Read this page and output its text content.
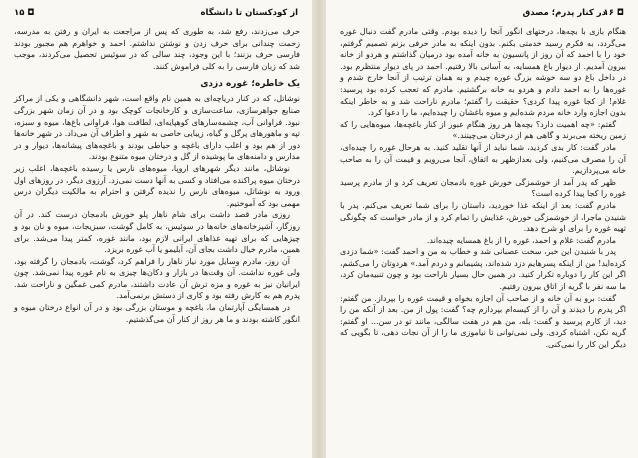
۱۵ ◘	از کودکستان تا دانشگاه

حرف می‌زدند، رفع شد، به طوری که پس از مراجعت به ایران و رفتن به مدرسه، زحمت چندانی برای حرف زدن و نوشتن نداشتم. احمد و خواهرم هم مجبور بودند فارسی حرف بزنند؛ با این وجود، چند سالی که در سوئیس تحصیل می‌کردند، موجب شد که زبان فارسی را به کلی فراموش کنند.

یک خاطره؛ غوره دزدی

نوشاتل، که در کنار دریاچه‌ای به همین نام واقع است، شهر دانشگاهی و یکی از مراکز صنایع جواهرسازی، ساعت‌سازی و کارخانجات کوچک بود و در آن زمان شهر بزرگی نبود. فراوانی آب، چشمه‌سارهای کوهپایه‌ای، لطافت هوا، فراوانی باغ‌ها، میوه و سبزه، تپه و ماهورهای پرگل و گیاه، زیبایی خاصی به شهر و اطراف آن می‌داد. در شهر خانه‌ها دور از هم بود و اغلب دارای باغچه و حیاطی بودند و باغچه‌های پیشانه‌ها، دیوار و در مدارس و دامنه‌های ما پوشیده از گل و درختان میوه متنوع بودند.

نوشاتل، مانند دیگر شهرهای اروپا، میوه‌های نارس یا رسیده باغچه‌ها، اغلب زیر درختان میوه پراکنده می‌افتاد و کسی به آنها دست نمی‌زد. آرزوی دیگر، در روزهای اول ورود به نوشاتل، میوه‌های نارس را ندیده گرفتن و احترام به مالکیت دیگران درس مهمی بود که آموختیم.

روزی مادر قصد داشت برای شام ناهار پلو خورش بادمجان درست کند. در آن روزگار، آشپزخانه‌های خانه‌ها در سوئیس، به کامل گوشت، سبزیجات، میوه و نان بود و چیزهایی که برای تهیه غذاهای ایرانی لازم بود، مانند غوره، کمتر پیدا می‌شد. برای همین، مادرم خیال داشت بجای آن، آبلیمو یا آب غوره بریزد.

آن روز، مادرم وسایل مورد نیاز ناهار را فراهم کرد، گوشت، بادمجان را گرفته بود، ولی غوره نداشت. آن وقت‌ها در بازار و دکان‌ها چیزی به نام غوره پیدا نمی‌شد. چون ایرانیان نیز به غوره و مزه ترش آن عادت داشتند، مادرم کمی غمگین و ناراحت شد. پدرم هم به کارش رفته بود و کاری از دستش برنمی‌آمد.

در همسایگی آپارتمان ما، باغچه و موستان بزرگی بود و در آن انواع درختان میوه و انگور کاشته بودند و ما هر روز از کنار آن می‌گذشتیم.

۱۶ ◘
در کنار پدرم؛ مصدق

هنگام بازی با بچه‌ها، درختهای انگور آنجا را دیده بودم. وقتی مادرم گفت دنبال غوره می‌گردد، به فکرم رسید خدمتی بکنم. بدون اینکه به مادر حرفی بزنم تصمیم گرفتم، خود را با احمد که آن روز از پانسیون به خانه آمده بود درمیان گذاشتم و هردو از خانه بیرون آمدیم. از دیوار باغ همسایه، به آسانی بالا رفتیم. احمد در پای دیوار منتظرم بود. در داخل باغ دو سه خوشه بزرگ غوره چیدم و به همان ترتیب از آنجا خارج شدم و غوره‌ها را به احمد دادم و هردو به خانه برگشتیم. مادرم که تعجب کرده بود پرسید: غلام! از کجا غوره پیدا کردی؟ حقیقت را گفتم؛ مادرم ناراحت شد و به خاطر اینکه بدون اجازه وارد خانه مردم شده‌ایم و میوه باغشان را چیده‌ایم، ما را دعوا کرد.

گفتم: «چه اهمیت دارد؟ بچه‌ها هر روز هنگام عبور از کنار باغچه‌ها، میوه‌هایی را که زمین ریخته می‌برند و گاهی هم از درختان می‌چینند.»

مادر گفت: کار بدی کردید، شما نباید از آنها تقلید کنید. به هرحال غوره را چیده‌ای، آن را مصرف می‌کنیم، ولی بعدازظهر به اتفاق، آنجا می‌رویم و قیمت آن را به صاحب خانه می‌پردازیم.

ظهر که پدر آمد از خوشمزگی خورش غوره بادمجان تعریف کرد و از مادرم پرسید غوره را کجا پیدا کرده است؟

مادرم گفت: بعد از اینکه غذا خوردید، داستان را برای شما تعریف می‌کنم. پدر با شنیدن ماجرا، از خوشمزگی خورش، غذایش را تمام کرد و از مادر خواست که چگونگی تهیه غوره را برای او شرح دهد.

مادرم گفت: غلام و احمد، غوره را از باغ همسایه چیده‌اند.

پدر با شنیدن این خبر، سخت عصبانی شد و خطاب به من و احمد گفت: «شما دزدی کرده‌اید! من از اینکه پسرهایم دزد شده‌اند، پشیمانم و دردم آمد.» هردوتان را می‌کشم، اگر این کار را دوباره تکرار کنید. در همین حال بسیار ناراحت بود و چون تنبیه‌مان کرد، ما سه نفر با گریه از اتاق بیرون رفتیم.

گفت: برو به آن خانه و از صاحب آن اجازه بخواه و قیمت غوره را بپرداز. من گفتم: اگر پدرم را دیدند و آن را از کیسه‌ام بپردازم چه؟ گفت: پول از من. بعد از آنکه من را دید، از کارم پرسید و گفت: بله، من هم در هفت سالگی، مانند تو در سن... او گفتم: گریه نکن، اشتباه کردی. ولی نمی‌توانی تا نیاموزی ما را از آن نجات دهی، تا بگویی که دیگر این کار را نمی‌کنی.
